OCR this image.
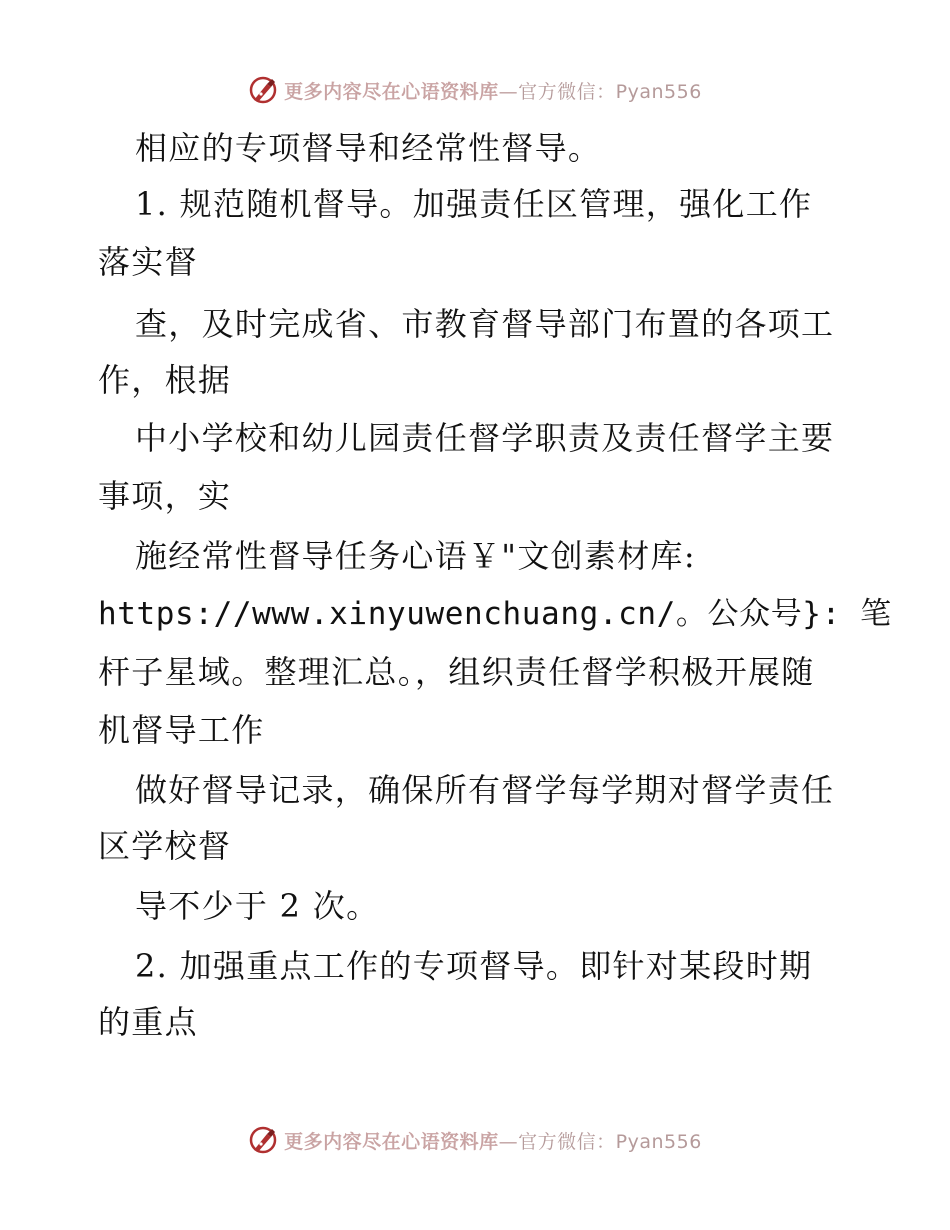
更多内容尽在心语资料库—官方微信：Pyan556
相应的专项督导和经常性督导。
1. 规范随机督导。加强责任区管理，强化工作
落实督
查，及时完成省、市教育督导部门布置的各项工
作，根据
中小学校和幼儿园责任督学职责及责任督学主要
事项，实
施经常性督导任务心语￥"文创素材库:
https://www.xinyuwenchuang.cn/。公众号}: 笔
杆子星域。整理汇总。，组织责任督学积极开展随
机督导工作
做好督导记录，确保所有督学每学期对督学责任
区学校督
导不少于 2 次。
2. 加强重点工作的专项督导。即针对某段时期
的重点
更多内容尽在心语资料库—官方微信：Pyan556
